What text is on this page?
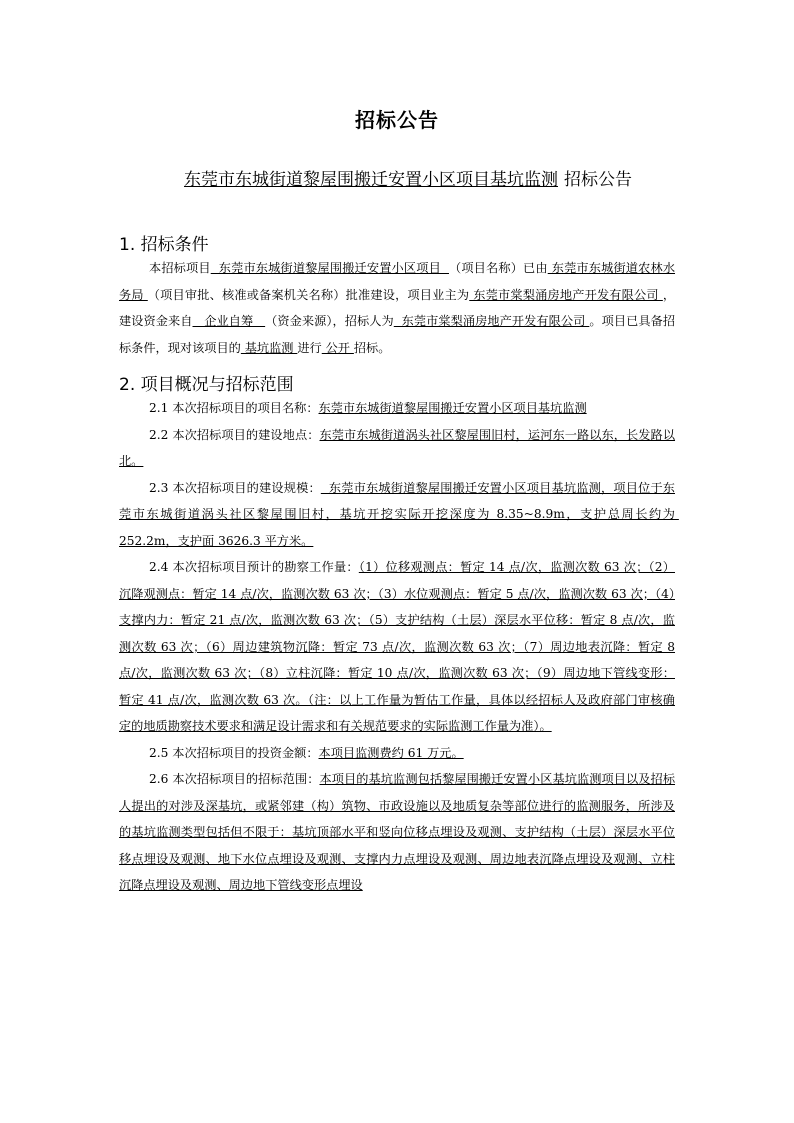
招标公告
东莞市东城街道黎屋围搬迁安置小区项目基坑监测 招标公告
1. 招标条件

本招标项目  东莞市东城街道黎屋围搬迁安置小区项目  （项目名称）已由 东莞市东城街道农林水务局 （项目审批、核准或备案机关名称）批准建设，项目业主为 东莞市棠梨涌房地产开发有限公司 ，建设资金来自   企业自筹   （资金来源），招标人为  东莞市棠梨涌房地产开发有限公司 。项目已具备招标条件，现对该项目的 基坑监测 进行 公开 招标。

2. 项目概况与招标范围

2.1 本次招标项目的项目名称：东莞市东城街道黎屋围搬迁安置小区项目基坑监测

2.2 本次招标项目的建设地点：东莞市东城街道涡头社区黎屋围旧村，运河东一路以东，长发路以北。

2.3 本次招标项目的建设规模：  东莞市东城街道黎屋围搬迁安置小区项目基坑监测，项目位于东莞市东城街道涡头社区黎屋围旧村，基坑开挖实际开挖深度为 8.35~8.9m，支护总周长约为 252.2m，支护面 3626.3 平方米。

2.4 本次招标项目预计的勘察工作量：（1）位移观测点：暂定 14 点/次，监测次数 63 次；（2）沉降观测点：暂定 14 点/次，监测次数 63 次；（3）水位观测点：暂定 5 点/次，监测次数 63 次；（4）支撑内力：暂定 21 点/次，监测次数 63 次；（5）支护结构（土层）深层水平位移：暂定 8 点/次，监测次数 63 次；（6）周边建筑物沉降：暂定 73 点/次，监测次数 63 次；（7）周边地表沉降：暂定 8 点/次，监测次数 63 次；（8）立柱沉降：暂定 10 点/次，监测次数 63 次；（9）周边地下管线变形：暂定 41 点/次，监测次数 63 次。（注：以上工作量为暂估工作量，具体以经招标人及政府部门审核确定的地质勘察技术要求和满足设计需求和有关规范要求的实际监测工作量为准）。

2.5 本次招标项目的投资金额：本项目监测费约 61 万元。

2.6 本次招标项目的招标范围：本项目的基坑监测包括黎屋围搬迁安置小区基坑监测项目以及招标人提出的对涉及深基坑，或紧邻建（构）筑物、市政设施以及地质复杂等部位进行的监测服务，所涉及的基坑监测类型包括但不限于：基坑顶部水平和竖向位移点埋设及观测、支护结构（土层）深层水平位移点埋设及观测、地下水位点埋设及观测、支撑内力点埋设及观测、周边地表沉降点埋设及观测、立柱沉降点埋设及观测、周边地下管线变形点埋设
